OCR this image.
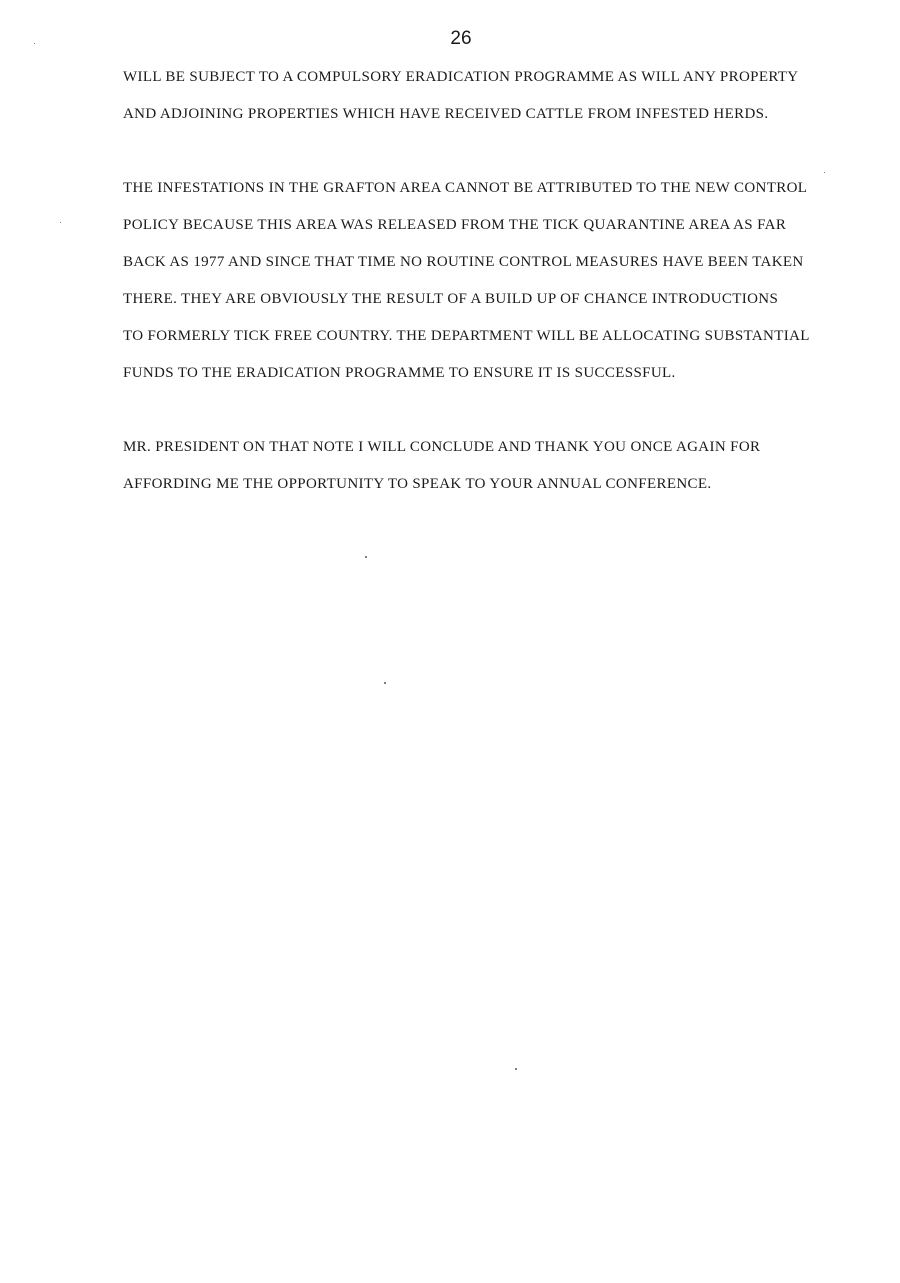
26

WILL BE SUBJECT TO A COMPULSORY ERADICATION PROGRAMME AS WILL ANY PROPERTY
AND ADJOINING PROPERTIES WHICH HAVE RECEIVED CATTLE FROM INFESTED HERDS.

THE INFESTATIONS IN THE GRAFTON AREA CANNOT BE ATTRIBUTED TO THE NEW CONTROL
POLICY BECAUSE THIS AREA WAS RELEASED FROM THE TICK QUARANTINE AREA AS FAR
BACK AS 1977 AND SINCE THAT TIME NO ROUTINE CONTROL MEASURES HAVE BEEN TAKEN
THERE. THEY ARE OBVIOUSLY THE RESULT OF A BUILD UP OF CHANCE INTRODUCTIONS
TO FORMERLY TICK FREE COUNTRY. THE DEPARTMENT WILL BE ALLOCATING SUBSTANTIAL
FUNDS TO THE ERADICATION PROGRAMME TO ENSURE IT IS SUCCESSFUL.

MR. PRESIDENT ON THAT NOTE I WILL CONCLUDE AND THANK YOU ONCE AGAIN FOR
AFFORDING ME THE OPPORTUNITY TO SPEAK TO YOUR ANNUAL CONFERENCE.
